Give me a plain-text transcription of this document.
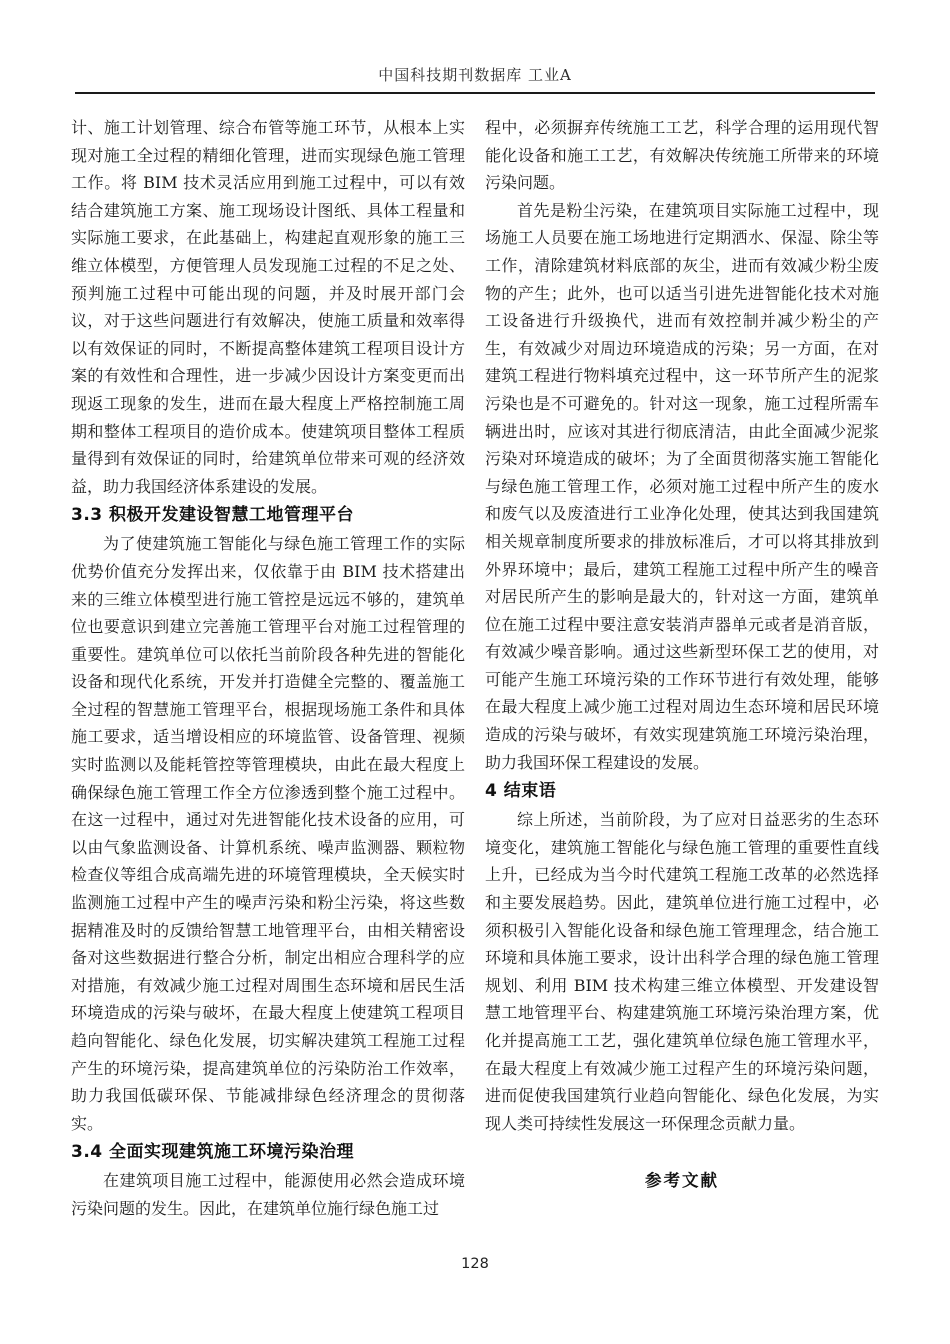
中国科技期刊数据库 工业A

计、施工计划管理、综合布管等施工环节，从根本上实现对施工全过程的精细化管理，进而实现绿色施工管理工作。将 BIM 技术灵活应用到施工过程中，可以有效结合建筑施工方案、施工现场设计图纸、具体工程量和实际施工要求，在此基础上，构建起直观形象的施工三维立体模型，方便管理人员发现施工过程的不足之处、预判施工过程中可能出现的问题，并及时展开部门会议，对于这些问题进行有效解决，使施工质量和效率得以有效保证的同时，不断提高整体建筑工程项目设计方案的有效性和合理性，进一步减少因设计方案变更而出现返工现象的发生，进而在最大程度上严格控制施工周期和整体工程项目的造价成本。使建筑项目整体工程质量得到有效保证的同时，给建筑单位带来可观的经济效益，助力我国经济体系建设的发展。

3.3 积极开发建设智慧工地管理平台

为了使建筑施工智能化与绿色施工管理工作的实际优势价值充分发挥出来，仅依靠于由 BIM 技术搭建出来的三维立体模型进行施工管控是远远不够的，建筑单位也要意识到建立完善施工管理平台对施工过程管理的重要性。建筑单位可以依托当前阶段各种先进的智能化设备和现代化系统，开发并打造健全完整的、覆盖施工全过程的智慧施工管理平台，根据现场施工条件和具体施工要求，适当增设相应的环境监管、设备管理、视频实时监测以及能耗管控等管理模块，由此在最大程度上确保绿色施工管理工作全方位渗透到整个施工过程中。在这一过程中，通过对先进智能化技术设备的应用，可以由气象监测设备、计算机系统、噪声监测器、颗粒物检查仪等组合成高端先进的环境管理模块，全天候实时监测施工过程中产生的噪声污染和粉尘污染，将这些数据精准及时的反馈给智慧工地管理平台，由相关精密设备对这些数据进行整合分析，制定出相应合理科学的应对措施，有效减少施工过程对周围生态环境和居民生活环境造成的污染与破坏，在最大程度上使建筑工程项目趋向智能化、绿色化发展，切实解决建筑工程施工过程产生的环境污染，提高建筑单位的污染防治工作效率，助力我国低碳环保、节能减排绿色经济理念的贯彻落实。

3.4 全面实现建筑施工环境污染治理

在建筑项目施工过程中，能源使用必然会造成环境污染问题的发生。因此，在建筑单位施行绿色施工过

程中，必须摒弃传统施工工艺，科学合理的运用现代智能化设备和施工工艺，有效解决传统施工所带来的环境污染问题。

首先是粉尘污染，在建筑项目实际施工过程中，现场施工人员要在施工场地进行定期洒水、保湿、除尘等工作，清除建筑材料底部的灰尘，进而有效减少粉尘废物的产生；此外，也可以适当引进先进智能化技术对施工设备进行升级换代，进而有效控制并减少粉尘的产生，有效减少对周边环境造成的污染；另一方面，在对建筑工程进行物料填充过程中，这一环节所产生的泥浆污染也是不可避免的。针对这一现象，施工过程所需车辆进出时，应该对其进行彻底清洁，由此全面减少泥浆污染对环境造成的破坏；为了全面贯彻落实施工智能化与绿色施工管理工作，必须对施工过程中所产生的废水和废气以及废渣进行工业净化处理，使其达到我国建筑相关规章制度所要求的排放标准后，才可以将其排放到外界环境中；最后，建筑工程施工过程中所产生的噪音对居民所产生的影响是最大的，针对这一方面，建筑单位在施工过程中要注意安装消声器单元或者是消音版，有效减少噪音影响。通过这些新型环保工艺的使用，对可能产生施工环境污染的工作环节进行有效处理，能够在最大程度上减少施工过程对周边生态环境和居民环境造成的污染与破坏，有效实现建筑施工环境污染治理，助力我国环保工程建设的发展。

4 结束语

综上所述，当前阶段，为了应对日益恶劣的生态环境变化，建筑施工智能化与绿色施工管理的重要性直线上升，已经成为当今时代建筑工程施工改革的必然选择和主要发展趋势。因此，建筑单位进行施工过程中，必须积极引入智能化设备和绿色施工管理理念，结合施工环境和具体施工要求，设计出科学合理的绿色施工管理规划、利用 BIM 技术构建三维立体模型、开发建设智慧工地管理平台、构建建筑施工环境污染治理方案，优化并提高施工工艺，强化建筑单位绿色施工管理水平，在最大程度上有效减少施工过程产生的环境污染问题，进而促使我国建筑行业趋向智能化、绿色化发展，为实现人类可持续性发展这一环保理念贡献力量。

参考文献
128
